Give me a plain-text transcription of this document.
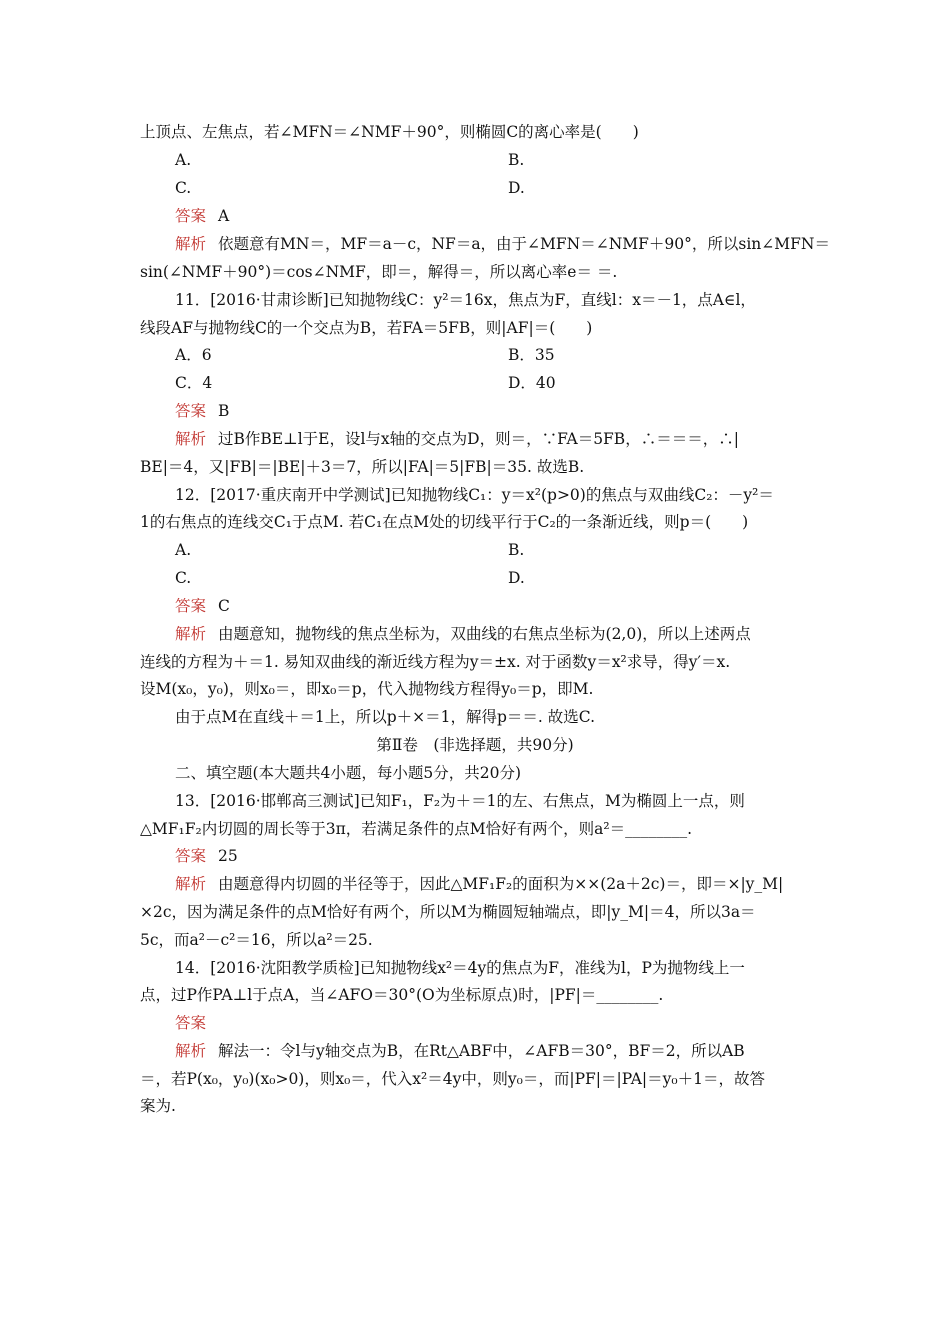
上顶点、左焦点，若∠MFN＝∠NMF＋90°，则椭圆C的离心率是(　　)
A.	B.
C.	D.
答案 A
解析 依题意有MN＝，MF＝a－c，NF＝a，由于∠MFN＝∠NMF＋90°，所以sin∠MFN＝
sin(∠NMF＋90°)＝cos∠NMF，即＝，解得＝，所以离心率e＝ ＝.
11．[2016·甘肃诊断]已知抛物线C：y²＝16x，焦点为F，直线l：x＝－1，点A∈l，
线段AF与抛物线C的一个交点为B，若FA＝5FB，则|AF|＝(　　)
A．6	B．35
C．4	D．40
答案 B
解析 过B作BE⊥l于E，设l与x轴的交点为D，则＝，∵FA＝5FB，∴＝＝＝，∴|
BE|＝4，又|FB|＝|BE|＋3＝7，所以|FA|＝5|FB|＝35. 故选B.
12．[2017·重庆南开中学测试]已知抛物线C₁：y＝x²(p>0)的焦点与双曲线C₂：－y²＝
1的右焦点的连线交C₁于点M. 若C₁在点M处的切线平行于C₂的一条渐近线，则p＝(　　)
A.	B.
C.	D.
答案 C
解析 由题意知，抛物线的焦点坐标为，双曲线的右焦点坐标为(2,0)，所以上述两点
连线的方程为＋＝1. 易知双曲线的渐近线方程为y＝±x. 对于函数y＝x²求导，得y′＝x.
设M(x₀，y₀)，则x₀＝，即x₀＝p，代入抛物线方程得y₀＝p，即M.
由于点M在直线＋＝1上，所以p＋×＝1，解得p＝＝. 故选C.
第Ⅱ卷　(非选择题，共90分)
二、填空题(本大题共4小题，每小题5分，共20分)
13．[2016·邯郸高三测试]已知F₁，F₂为＋＝1的左、右焦点，M为椭圆上一点，则
△MF₁F₂内切圆的周长等于3π，若满足条件的点M恰好有两个，则a²＝________.
答案 25
解析 由题意得内切圆的半径等于，因此△MF₁F₂的面积为××(2a＋2c)＝，即＝×|y_M|
×2c，因为满足条件的点M恰好有两个，所以M为椭圆短轴端点，即|y_M|＝4，所以3a＝
5c，而a²－c²＝16，所以a²＝25.
14．[2016·沈阳教学质检]已知抛物线x²＝4y的焦点为F，准线为l，P为抛物线上一
点，过P作PA⊥l于点A，当∠AFO＝30°(O为坐标原点)时，|PF|＝________.
答案
解析 解法一：令l与y轴交点为B，在Rt△ABF中，∠AFB＝30°，BF＝2，所以AB
＝，若P(x₀，y₀)(x₀>0)，则x₀＝，代入x²＝4y中，则y₀＝，而|PF|＝|PA|＝y₀＋1＝，故答
案为.
